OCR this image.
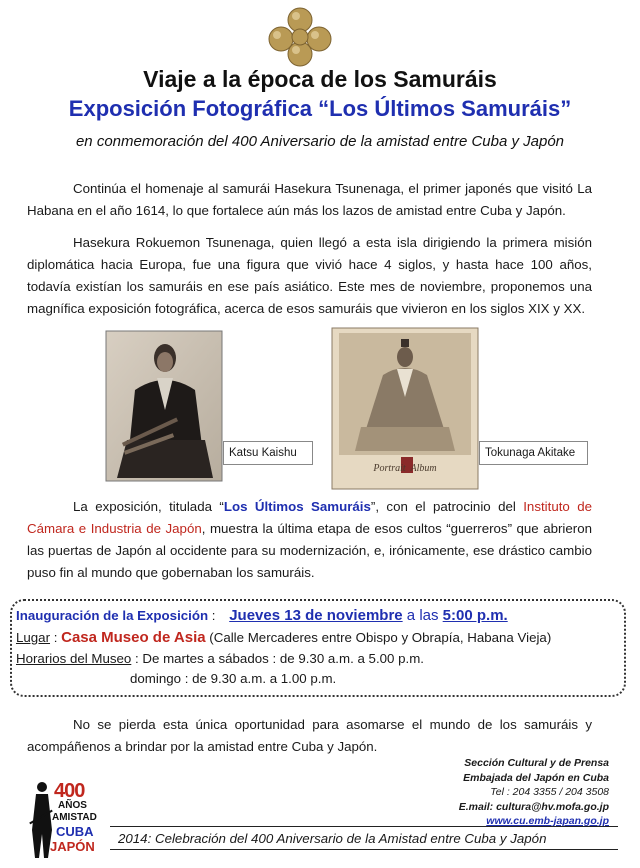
Viaje a la época de los Samuráis
Exposición Fotográfica “Los Últimos Samuráis”
en conmemoración del 400 Aniversario de la amistad entre Cuba y Japón
Continúa el homenaje al samurái Hasekura Tsunenaga, el primer japonés que visitó La Habana en el año 1614, lo que fortalece aún más los lazos de amistad entre Cuba y Japón.
Hasekura Rokuemon Tsunenaga, quien llegó a esta isla dirigiendo la primera misión diplomática hacia Europa, fue una figura que vivió hace 4 siglos, y hasta hace 100 años, todavía existían los samuráis en ese país asiático. Este mes de noviembre, proponemos una magnífica exposición fotográfica, acerca de esos samuráis que vivieron en los siglos XIX y XX.
Katsu Kaishu
Portrait  Album
Tokunaga Akitake
La exposición, titulada “Los Últimos Samuráis”, con el patrocinio del Instituto de Cámara e Industria de Japón, muestra la última etapa de esos cultos “guerreros” que abrieron las puertas de Japón al occidente para su modernización, e, irónicamente, ese drástico cambio puso fin al mundo que gobernaban los samuráis.
Inauguración de la Exposición : Jueves 13 de noviembre a las 5:00 p.m.
Lugar : Casa Museo de Asia (Calle Mercaderes entre Obispo y Obrapía, Habana Vieja)
Horarios del Museo : De martes a sábados : de 9.30 a.m. a 5.00 p.m.
domingo : de 9.30 a.m. a 1.00 p.m.
No se pierda esta única oportunidad para asomarse el mundo de los samuráis y acompáñenos a brindar por la amistad entre Cuba y Japón.
Sección Cultural y de Prensa
Embajada del Japón en Cuba
Tel : 204 3355 / 204 3508
E.mail: cultura@hv.mofa.go.jp
www.cu.emb-japan.go.jp
400
AÑOS
AMISTAD
CUBA
JAPÓN
2014: Celebración del 400 Aniversario de la Amistad entre Cuba y Japón
